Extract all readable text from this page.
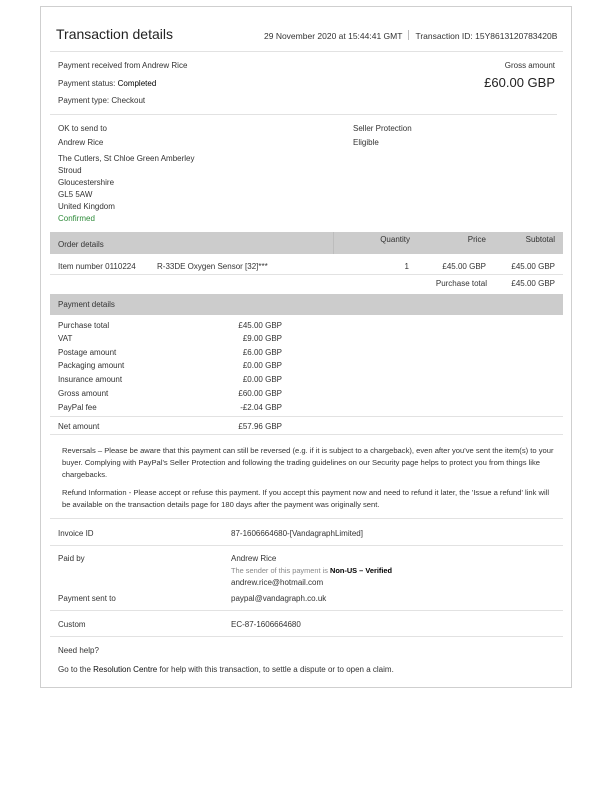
Transaction details	29 November 2020 at 15:44:41 GMT Transaction ID: 15Y8613120783420B
Payment received from Andrew Rice
Payment status: Completed
Payment type: Checkout
Gross amount
£60.00 GBP
OK to send to
Andrew Rice
The Cutlers, St Chloe Green Amberley
Stroud
Gloucestershire
GL5 5AW
United Kingdom
Confirmed
Seller Protection
Eligible
Order details
Quantity	Price	Subtotal
Item number 0110224	R-33DE Oxygen Sensor [32]***	1	£45.00 GBP	£45.00 GBP
Purchase total	£45.00 GBP
Payment details
Purchase total	£45.00 GBP
VAT	£9.00 GBP
Postage amount	£6.00 GBP
Packaging amount	£0.00 GBP
Insurance amount	£0.00 GBP
Gross amount	£60.00 GBP
PayPal fee	-£2.04 GBP
Net amount	£57.96 GBP
Reversals – Please be aware that this payment can still be reversed (e.g. if it is subject to a chargeback), even after you've sent the item(s) to your buyer. Complying with PayPal's Seller Protection and following the trading guidelines on our Security page helps to protect you from things like chargebacks.
Refund Information - Please accept or refuse this payment. If you accept this payment now and need to refund it later, the 'Issue a refund' link will be available on the transaction details page for 180 days after the payment was originally sent.
Invoice ID	87-1606664680-[VandagraphLimited]
Paid by	Andrew Rice
The sender of this payment is Non-US – Verified
andrew.rice@hotmail.com
Payment sent to	paypal@vandagraph.co.uk
Custom	EC-87-1606664680
Need help?
Go to the Resolution Centre for help with this transaction, to settle a dispute or to open a claim.
